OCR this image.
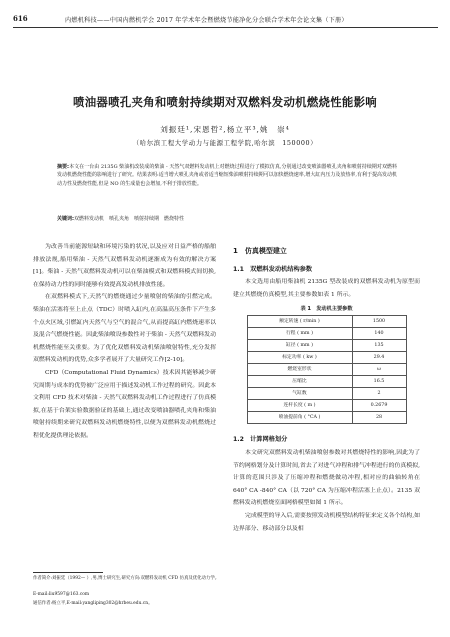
616	内燃机科技——中国内燃机学会 2017 年学术年会暨燃烧节能净化分会联合学术年会论文集（下册）
喷油器喷孔夹角和喷射持续期对双燃料发动机燃烧性能影响
刘振廷¹,宋恩哲²,杨立平³,姚　崇⁴
（哈尔滨工程大学动力与能源工程学院,哈尔滨　150000）
摘要:本文在一台由 2135G 柴油机改装成的柴油 - 天然气双燃料发动机上对燃烧过程进行了模拟仿真,分别通过改变喷油器喷孔夹角和喷射持续期对双燃料发动机燃烧性能的影响进行了研究。结果表明:适当增大喷孔夹角或者适当缩短柴油喷射持续期可以加快燃烧速率,增大缸内压力及放热率,有利于提高发动机动力性及燃烧性能,但是 NO 的生成量也会增加,不利于排放性能。
关键词:双燃料发动机　喷孔夹角　喷射持续期　燃烧特性

为改善当前能源短缺和环境污染的状况,以及应对日益严格的船舶排放法规,船用柴油 - 天然气双燃料发动机逐渐成为有效的解决方案[1]。柴油 - 天然气双燃料发动机可以在柴油模式和双燃料模式间切换,在保持动力性的同时能够有效提高发动机排放性能。

在双燃料模式下,天然气的燃烧通过少量喷射的柴油的引燃完成。柴油在活塞将至上止点（TDC）时喷入缸内,在高温高压条件下产生多个点火区域,引燃缸内天然气与空气的混合气,从而提高缸内燃烧速率以及混合气燃烧性能。因此柴油喷设参数性对于柴油 - 天然气双燃料发动机燃烧性能至关重要。为了优化双燃料发动机柴油喷射特性,充分发挥双燃料发动机的优势,众多学者展开了大量研究工作[2-10]。

CFD（Computational Fluid Dynamics）技术因其能够减少研究周期与成本的优势被广泛应用于描述发动机工作过程的研究。因此本文利用 CFD 技术对柴油 - 天然气双燃料发动机工作过程进行了仿真模拟,在基于台架实验数据验证的基础上,通过改变喷油器喷孔夹角和柴油喷射持续期来研究双燃料发动机燃烧特性,以便为双燃料发动机燃烧过程优化提供理论依据。

作者简介:刘振廷（1992— ）,男,博士研究生,研究方向:双燃料发动机 CFD 仿真及优化动力学。
E-mail:liu9597@163.com
通信作者:杨立平,E-mail:yangliping302@hrbeu.edu.cn。
1　仿真模型建立
1.1　双燃料发动机结构参数

本文选用由船用柴油机 2135G 型改装成的双燃料发动机为原型而建立其燃烧仿真模型,其主要参数如表 1 所示。

表 1　发动机主要参数
额定转速 ( r/min )	1500
行程 ( mm )	140
缸径 ( mm )	135
标定功率 ( kw )	29.4
燃烧室形状	ω
压缩比	16.5
气缸数	2
连杆长度 ( m )	0.2679
喷油提前角 ( °CA )	28
1.2　计算网格划分

本文研究双燃料发动机柴油喷射参数对其燃烧特性的影响,因此为了节约网格划分及计算时间,省去了对进气冲程和排气冲程进行的仿真模拟,计算的范围只涉及了压缩冲程和燃烧做功冲程,相对应的曲轴转角在 640° CA -840° CA（以 720° CA 为压缩冲程活塞上止点）。2135 双燃料发动机燃烧室面网格模型如图 1 所示。

完成模型的导入后,需要按照发动机模型结构特征来定义各个结构,如边界部分、移动部分以及相
